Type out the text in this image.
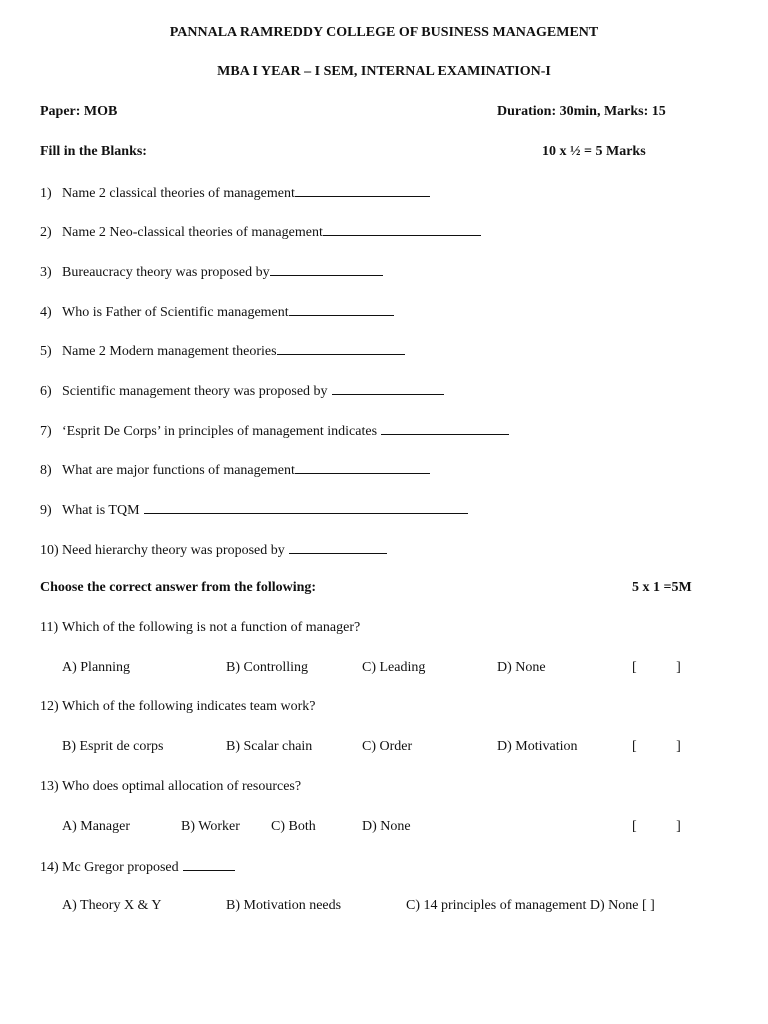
PANNALA RAMREDDY COLLEGE OF BUSINESS MANAGEMENT
MBA I YEAR – I SEM, INTERNAL EXAMINATION-I
Paper: MOB	Duration: 30min, Marks: 15
Fill in the Blanks:	10 x ½ = 5 Marks
1) Name 2 classical theories of management
2) Name 2 Neo-classical theories of management
3) Bureaucracy theory was proposed by
4) Who is Father of Scientific management
5) Name 2 Modern management theories
6) Scientific management theory was proposed by
7) ‘Esprit De Corps’ in principles of management indicates
8) What are major functions of management
9) What is TQM
10) Need hierarchy theory was proposed by
Choose the correct answer from the following:	5 x 1 =5M
11) Which of the following is not a function of manager?
A) Planning	B) Controlling	C) Leading	D) None	[ ]
12) Which of the following indicates team work?
B) Esprit de corps	B) Scalar chain	C) Order	D) Motivation	[ ]
13) Who does optimal allocation of resources?
A) Manager	B) Worker C) Both	D) None	[ ]
14) Mc Gregor proposed
A) Theory X & Y	B) Motivation needs	C) 14 principles of management D) None [ ]
